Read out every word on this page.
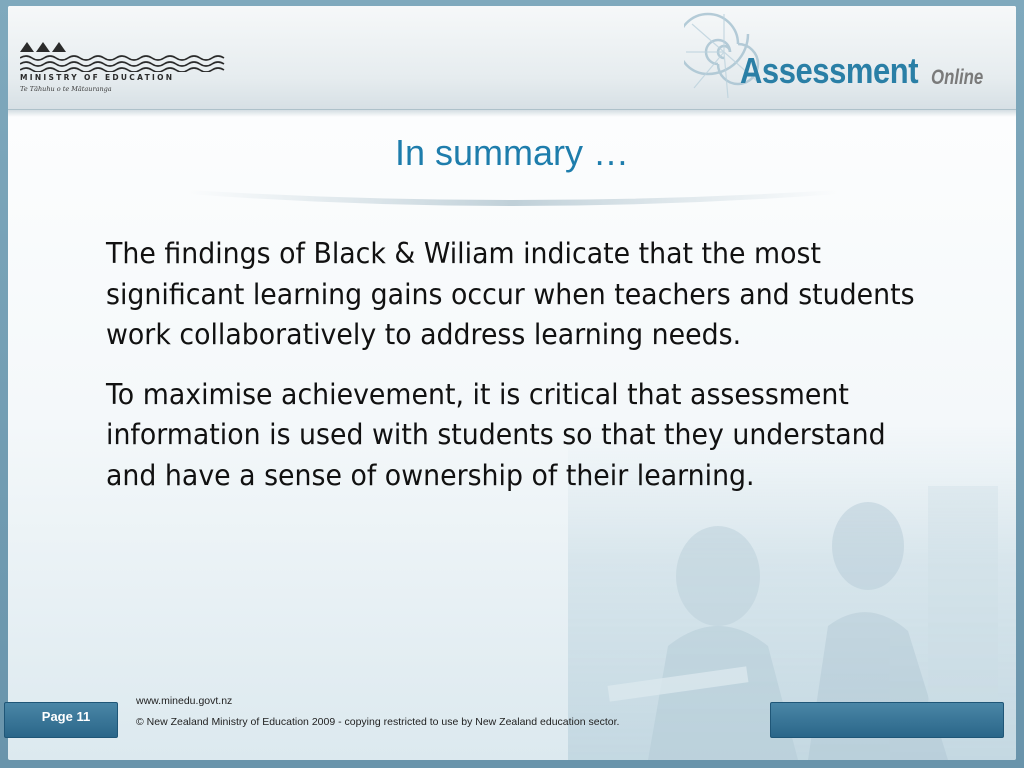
MINISTRY OF EDUCATION
Te Tāhuhu o te Mātauranga	Assessment Online
In summary …

The findings of Black & Wiliam indicate that the most significant learning gains occur when teachers and students work collaboratively to address learning needs.

To maximise achievement, it is critical that assessment information is used with students so that they understand and have a sense of ownership of their learning.

Page 11
www.minedu.govt.nz
© New Zealand Ministry of Education 2009 - copying restricted to use by New Zealand education sector.
